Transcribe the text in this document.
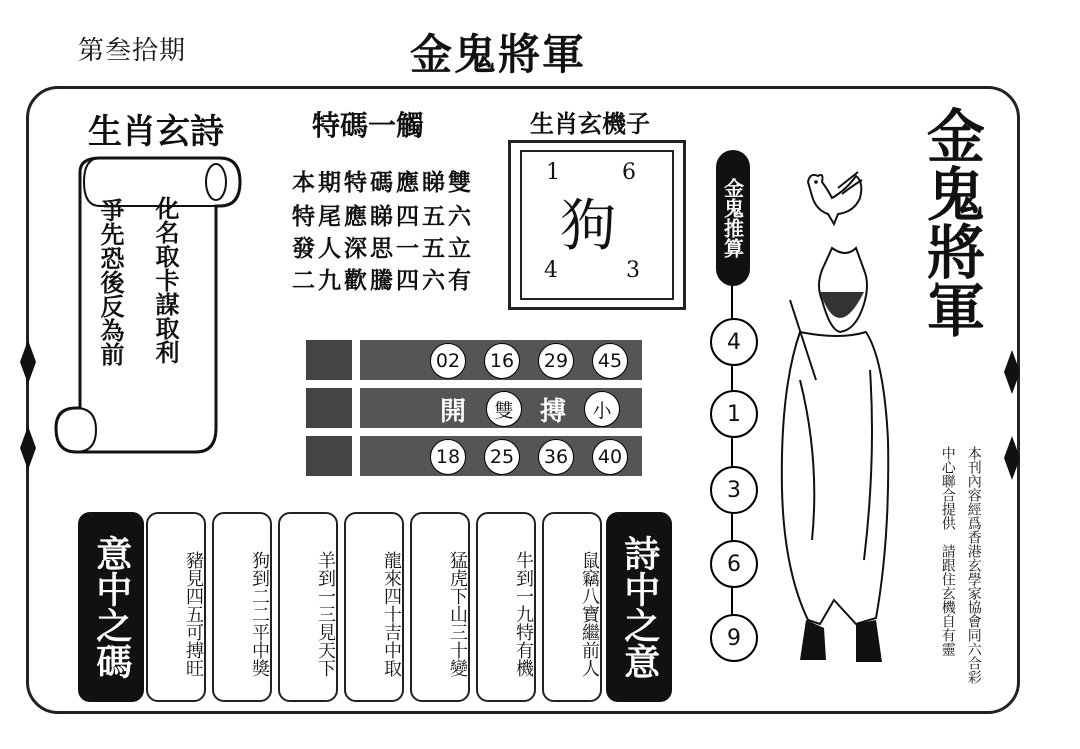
第叁拾期	金鬼將軍
生肖玄詩
化名取卡謀取利
爭先恐後反為前
特碼一觸
本期特碼應睇雙
特尾應睇四五六
發人深思一五立
二九歡騰四六有
生肖玄機子
1	6
4	3
狗
02	16	29	45
開	雙	搏	小
18	25	36	40
金鬼推算
4
1
3
6
9
金鬼將軍
本刊內容經爲香港玄學家協會同六合彩
中心聯合提供　請跟住玄機自有靈
意中之碼	詩中之意
豬見四五可搏旺	狗到二二平中獎	羊到一三見天下	龍來四十吉中取	猛虎下山三十變	牛到一九特有機	鼠竊八寶繼前人
